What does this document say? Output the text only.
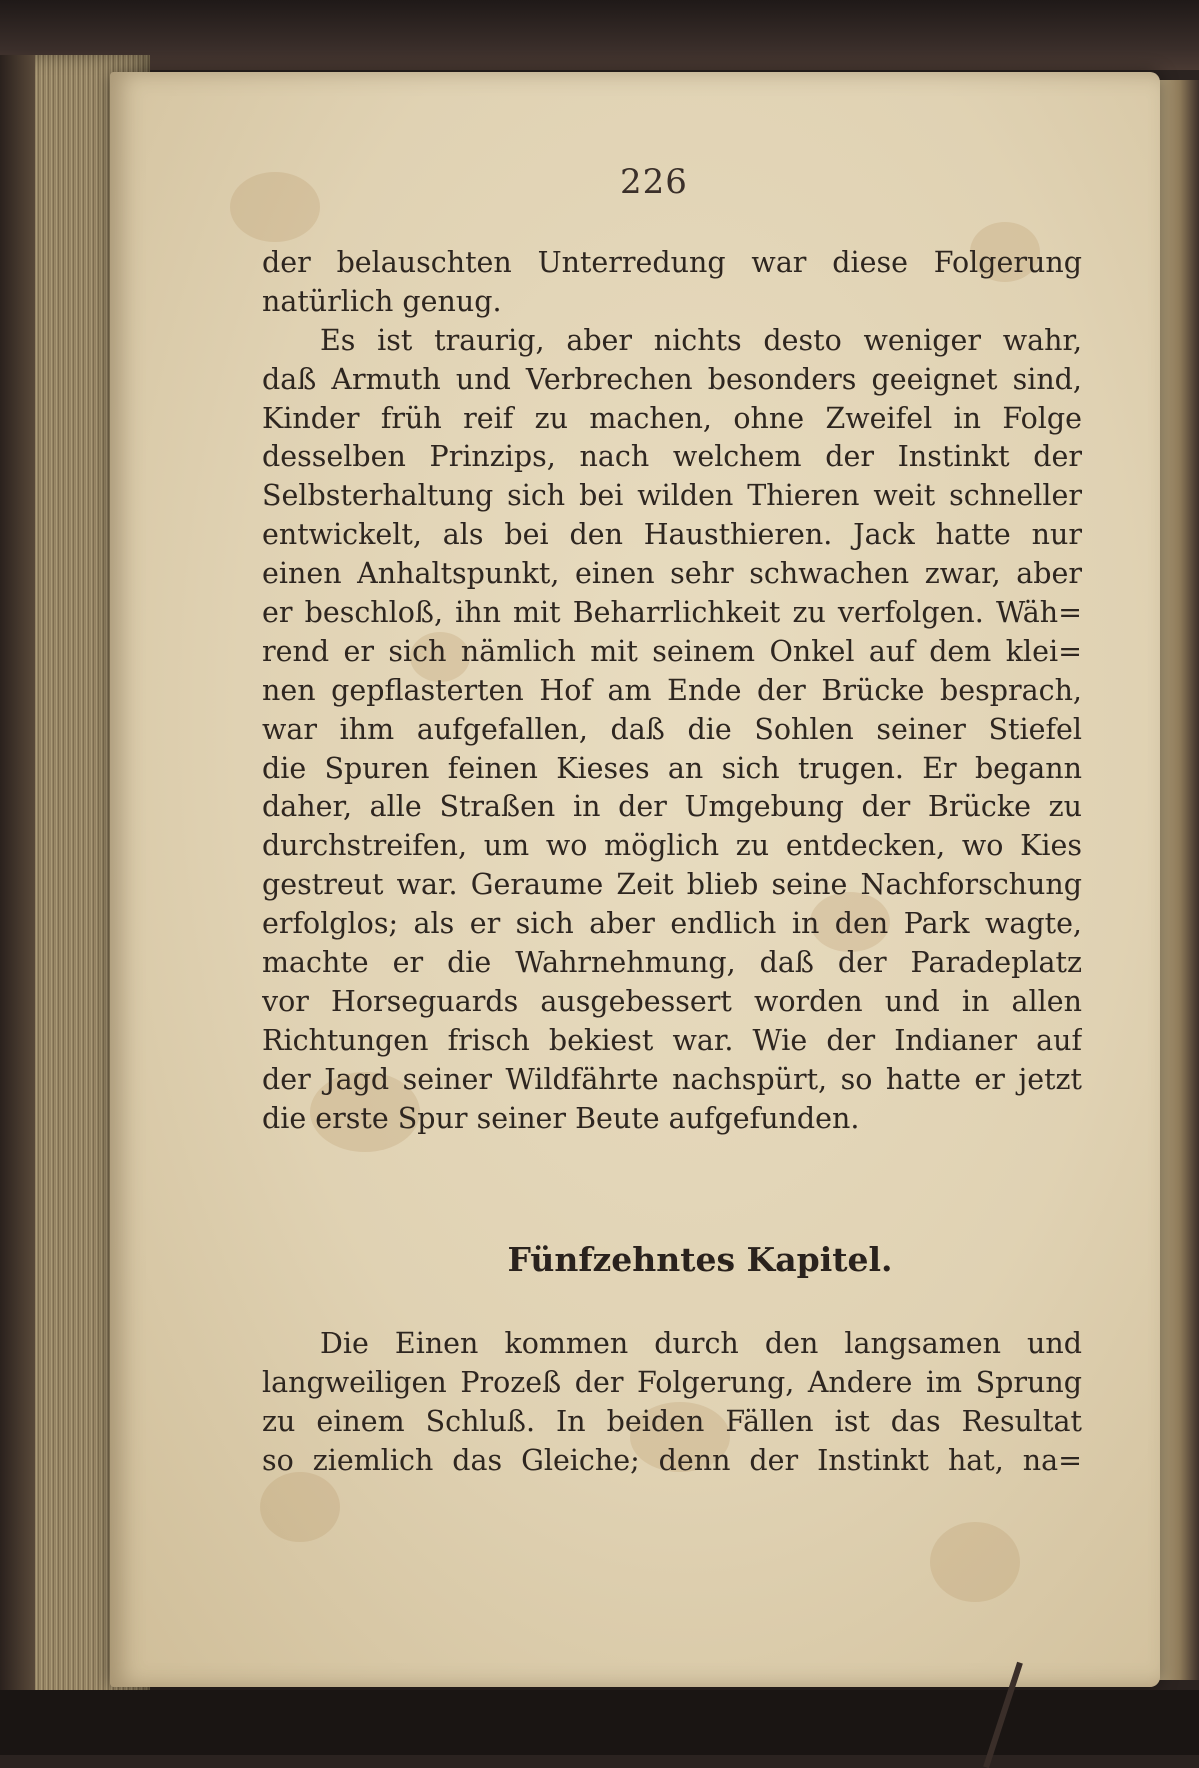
226
der belauschten Unterredung war diese Folgerung
natürlich genug.
Es ist traurig, aber nichts desto weniger wahr,
daß Armuth und Verbrechen besonders geeignet sind,
Kinder früh reif zu machen, ohne Zweifel in Folge
desselben Prinzips, nach welchem der Instinkt der
Selbsterhaltung sich bei wilden Thieren weit schneller
entwickelt, als bei den Hausthieren. Jack hatte nur
einen Anhaltspunkt, einen sehr schwachen zwar, aber
er beschloß, ihn mit Beharrlichkeit zu verfolgen. Wäh=
rend er sich nämlich mit seinem Onkel auf dem klei=
nen gepflasterten Hof am Ende der Brücke besprach,
war ihm aufgefallen, daß die Sohlen seiner Stiefel
die Spuren feinen Kieses an sich trugen. Er begann
daher, alle Straßen in der Umgebung der Brücke zu
durchstreifen, um wo möglich zu entdecken, wo Kies
gestreut war. Geraume Zeit blieb seine Nachforschung
erfolglos; als er sich aber endlich in den Park wagte,
machte er die Wahrnehmung, daß der Paradeplatz
vor Horseguards ausgebessert worden und in allen
Richtungen frisch bekiest war. Wie der Indianer auf
der Jagd seiner Wildfährte nachspürt, so hatte er jetzt
die erste Spur seiner Beute aufgefunden.
Fünfzehntes Kapitel.
Die Einen kommen durch den langsamen und
langweiligen Prozeß der Folgerung, Andere im Sprung
zu einem Schluß. In beiden Fällen ist das Resultat
so ziemlich das Gleiche; denn der Instinkt hat, na=
